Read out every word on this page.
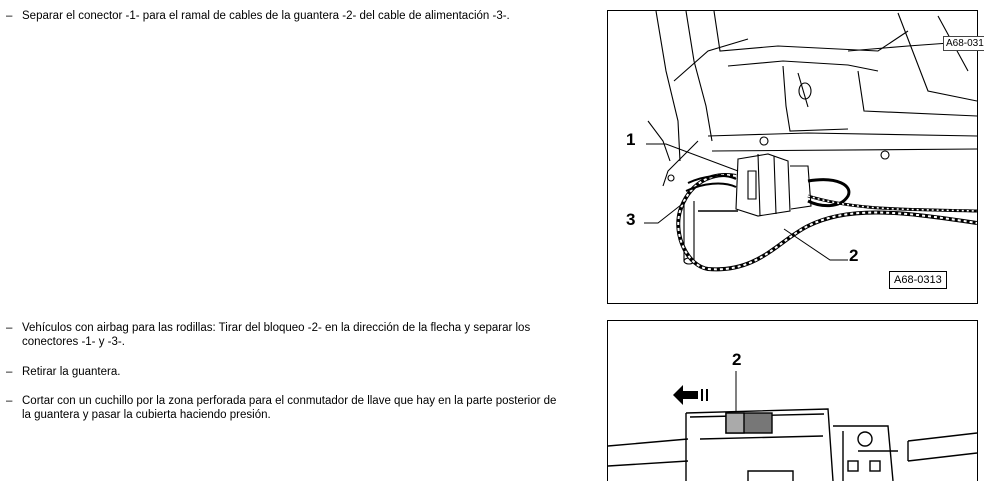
– Separar el conector -1- para el ramal de cables de la guantera -2- del cable de alimentación -3-.
– Vehículos con airbag para las rodillas: Tirar del bloqueo -2- en la dirección de la flecha y separar los conectores -1- y -3-.
– Retirar la guantera.
– Cortar con un cuchillo por la zona perforada para el conmutador de llave que hay en la parte posterior de la guantera y pasar la cubierta haciendo presión.
1
3
2
A68-0313
A68-031
2
